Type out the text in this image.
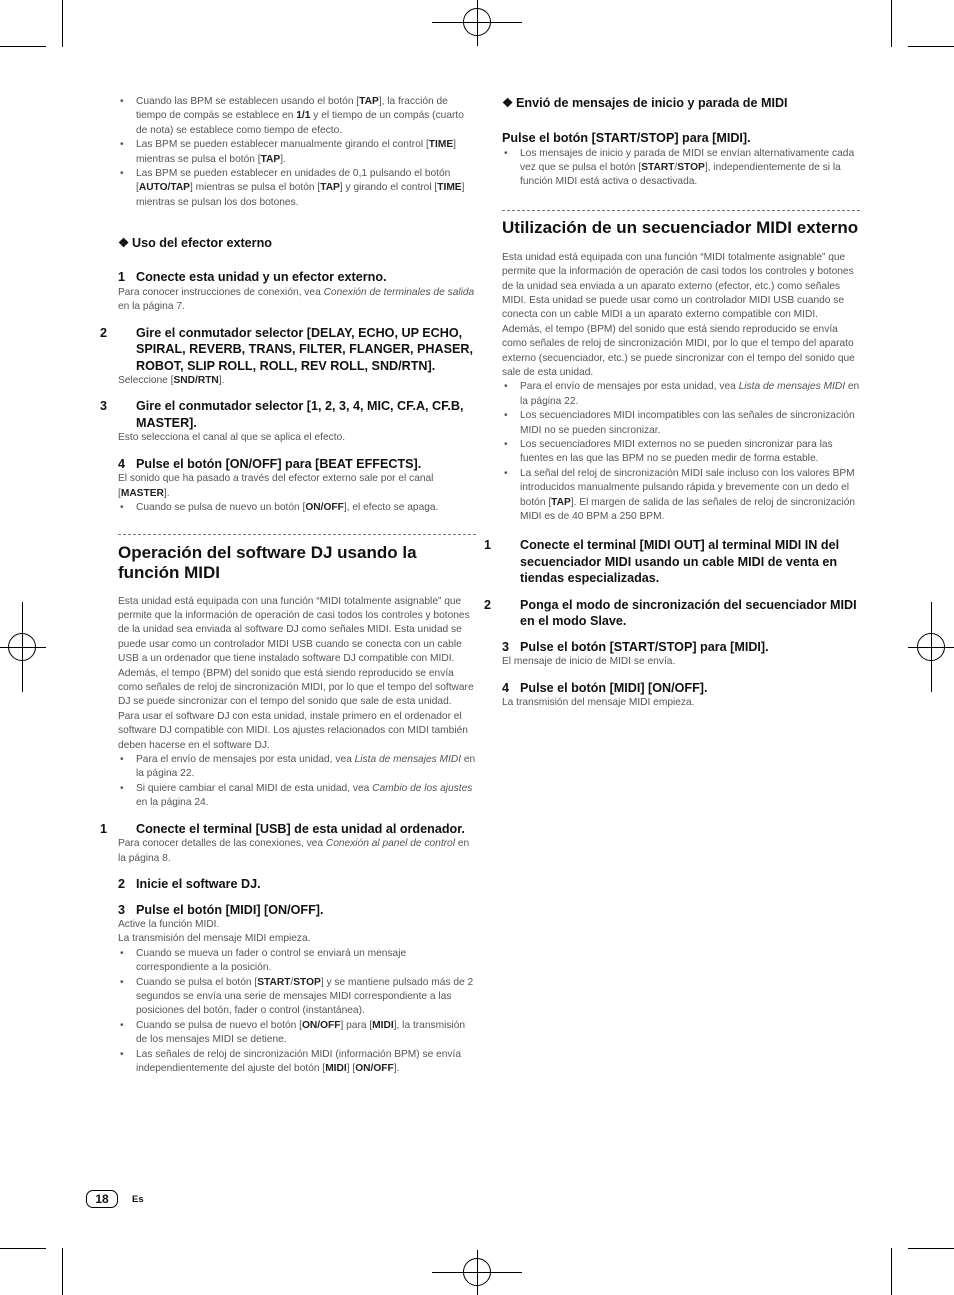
• Cuando las BPM se establecen usando el botón [TAP], la fracción de tiempo de compás se establece en 1/1 y el tiempo de un compás (cuarto de nota) se establece como tiempo de efecto.

• Las BPM se pueden establecer manualmente girando el control [TIME] mientras se pulsa el botón [TAP].

• Las BPM se pueden establecer en unidades de 0,1 pulsando el botón [AUTO/TAP] mientras se pulsa el botón [TAP] y girando el control [TIME] mientras se pulsan los dos botones.

❖ Uso del efector externo

1 Conecte esta unidad y un efector externo.

Para conocer instrucciones de conexión, vea Conexión de terminales de salida en la página 7.

2 Gire el conmutador selector [DELAY, ECHO, UP ECHO, SPIRAL, REVERB, TRANS, FILTER, FLANGER, PHASER, ROBOT, SLIP ROLL, ROLL, REV ROLL, SND/RTN].

Seleccione [SND/RTN].

3 Gire el conmutador selector [1, 2, 3, 4, MIC, CF.A, CF.B, MASTER].

Esto selecciona el canal al que se aplica el efecto.

4 Pulse el botón [ON/OFF] para [BEAT EFFECTS].

El sonido que ha pasado a través del efector externo sale por el canal [MASTER].

• Cuando se pulsa de nuevo un botón [ON/OFF], el efecto se apaga.

Operación del software DJ usando la función MIDI

Esta unidad está equipada con una función “MIDI totalmente asignable” que permite que la información de operación de casi todos los controles y botones de la unidad sea enviada al software DJ como señales MIDI. Esta unidad se puede usar como un controlador MIDI USB cuando se conecta con un cable USB a un ordenador que tiene instalado software DJ compatible con MIDI. Además, el tempo (BPM) del sonido que está siendo reproducido se envía como señales de reloj de sincronización MIDI, por lo que el tempo del software DJ se puede sincronizar con el tempo del sonido que sale de esta unidad.

Para usar el software DJ con esta unidad, instale primero en el ordenador el software DJ compatible con MIDI. Los ajustes relacionados con MIDI también deben hacerse en el software DJ.

• Para el envío de mensajes por esta unidad, vea Lista de mensajes MIDI en la página 22.

• Si quiere cambiar el canal MIDI de esta unidad, vea Cambio de los ajustes en la página 24.

1 Conecte el terminal [USB] de esta unidad al ordenador.

Para conocer detalles de las conexiones, vea Conexión al panel de control en la página 8.

2 Inicie el software DJ.

3 Pulse el botón [MIDI] [ON/OFF].

Active la función MIDI.

La transmisión del mensaje MIDI empieza.

• Cuando se mueva un fader o control se enviará un mensaje correspondiente a la posición.

• Cuando se pulsa el botón [START/STOP] y se mantiene pulsado más de 2 segundos se envía una serie de mensajes MIDI correspondiente a las posiciones del botón, fader o control (instantánea).

• Cuando se pulsa de nuevo el botón [ON/OFF] para [MIDI], la transmisión de los mensajes MIDI se detiene.

• Las señales de reloj de sincronización MIDI (información BPM) se envía independientemente del ajuste del botón [MIDI] [ON/OFF].

❖ Envió de mensajes de inicio y parada de MIDI

Pulse el botón [START/STOP] para [MIDI].

• Los mensajes de inicio y parada de MIDI se envían alternativamente cada vez que se pulsa el botón [START/STOP], independientemente de si la función MIDI está activa o desactivada.

Utilización de un secuenciador MIDI externo

Esta unidad está equipada con una función “MIDI totalmente asignable” que permite que la información de operación de casi todos los controles y botones de la unidad sea enviada a un aparato externo (efector, etc.) como señales MIDI. Esta unidad se puede usar como un controlador MIDI USB cuando se conecta con un cable MIDI a un aparato externo compatible con MIDI. Además, el tempo (BPM) del sonido que está siendo reproducido se envía como señales de reloj de sincronización MIDI, por lo que el tempo del aparato externo (secuenciador, etc.) se puede sincronizar con el tempo del sonido que sale de esta unidad.

• Para el envío de mensajes por esta unidad, vea Lista de mensajes MIDI en la página 22.

• Los secuenciadores MIDI incompatibles con las señales de sincronización MIDI no se pueden sincronizar.

• Los secuenciadores MIDI externos no se pueden sincronizar para las fuentes en las que las BPM no se pueden medir de forma estable.

• La señal del reloj de sincronización MIDI sale incluso con los valores BPM introducidos manualmente pulsando rápida y brevemente con un dedo el botón [TAP]. El margen de salida de las señales de reloj de sincronización MIDI es de 40 BPM a 250 BPM.

1 Conecte el terminal [MIDI OUT] al terminal MIDI IN del secuenciador MIDI usando un cable MIDI de venta en tiendas especializadas.

2 Ponga el modo de sincronización del secuenciador MIDI en el modo Slave.

3 Pulse el botón [START/STOP] para [MIDI].

El mensaje de inicio de MIDI se envía.

4 Pulse el botón [MIDI] [ON/OFF].

La transmisión del mensaje MIDI empieza.

18 Es
